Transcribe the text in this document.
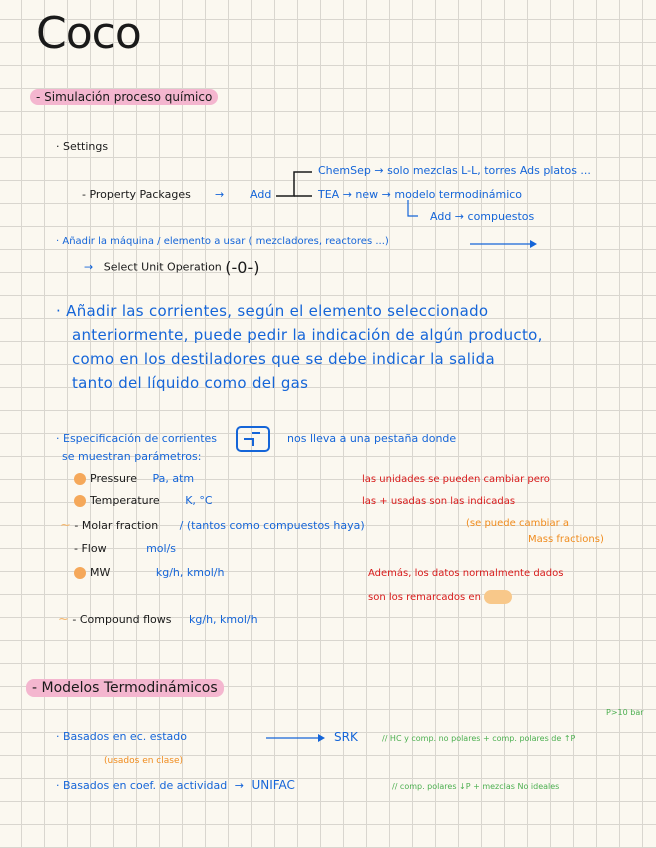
Coco
- Simulación proceso químico
· Settings
- Property Packages → Add
ChemSep → solo mezclas L-L, torres Ads platos ...
TEA → new → modelo termodinámico
Add → compuestos
· Añadir la máquina / elemento a usar ( mezcladores, reactores ...)
→ Select Unit Operation (-0-)
· Añadir las corrientes, según el elemento seleccionado
anteriormente, puede pedir la indicación de algún producto,
como en los destiladores que se debe indicar la salida
tanto del líquido como del gas
· Especificación de corrientes	nos lleva a una pestaña donde
se muestran parámetros:
Pressure Pa, atm
Temperature K, °C
~ - Molar fraction / (tantos como compuestos haya)	(se puede cambiar a
Mass fractions)
- Flow	mol/s
MW	kg/h, kmol/h
~ - Compound flows kg/h, kmol/h
las unidades se pueden cambiar pero
las + usadas son las indicadas
Además, los datos normalmente dados
son los remarcados en
- Modelos Termodinámicos
P>10 bar
· Basados en ec. estado	SRK	// HC y comp. no polares + comp. polares de ↑P
(usados en clase)
· Basados en coef. de actividad → UNIFAC	// comp. polares ↓P + mezclas No ideales
